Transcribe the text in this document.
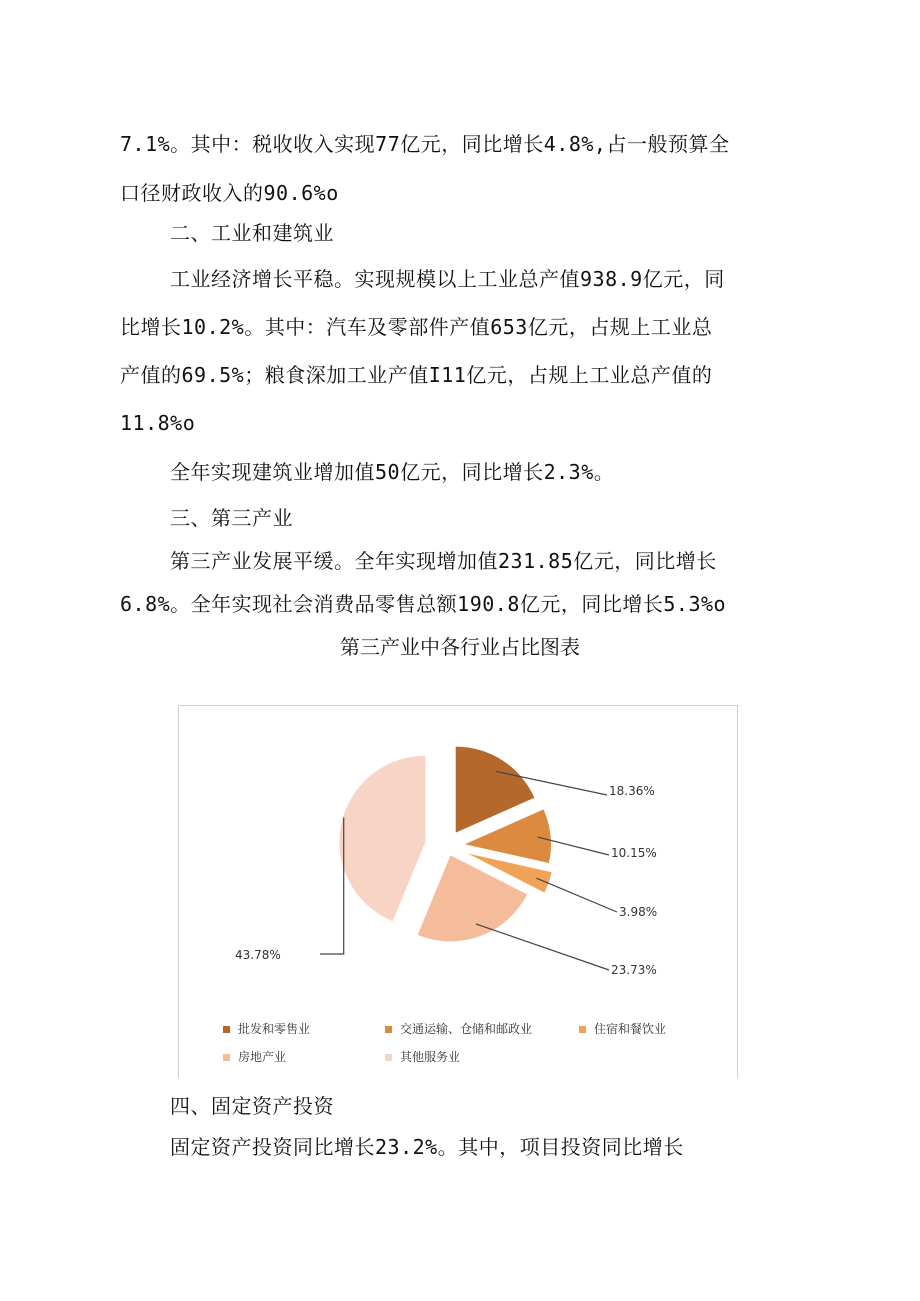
7.1%。其中：税收收入实现77亿元，同比增长4.8%,占一般预算全
口径财政收入的90.6%o
二、工业和建筑业
工业经济增长平稳。实现规模以上工业总产值938.9亿元，同
比增长10.2%。其中：汽车及零部件产值653亿元，占规上工业总
产值的69.5%；粮食深加工业产值I11亿元，占规上工业总产值的
11.8%o
全年实现建筑业增加值50亿元，同比增长2.3%。
三、第三产业
第三产业发展平缓。全年实现增加值231.85亿元，同比增长
6.8%。全年实现社会消费品零售总额190.8亿元，同比增长5.3%o
第三产业中各行业占比图表
18.36%
10.15%
3.98%
23.73%
43.78%
批发和零售业	交通运输、仓储和邮政业	住宿和餐饮业
房地产业	其他服务业
四、固定资产投资
固定资产投资同比增长23.2%。其中，项目投资同比增长
